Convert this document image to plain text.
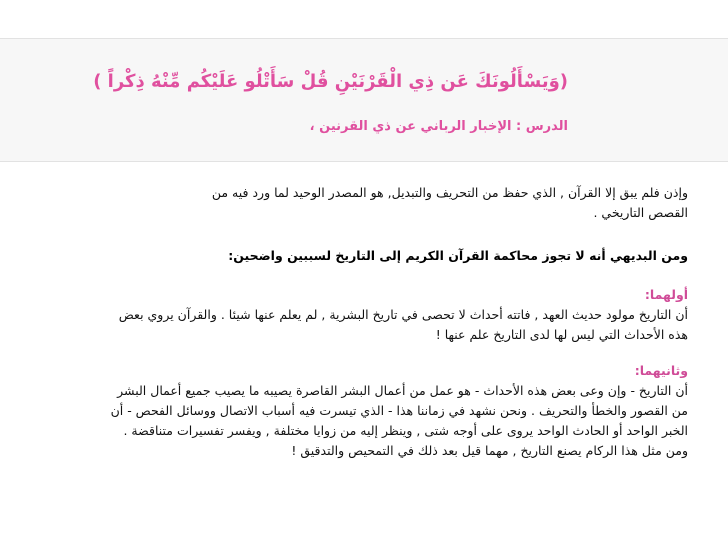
(وَيَسْأَلُونَكَ عَن ذِي الْقَرْنَيْنِ قُلْ سَأَتْلُو عَلَيْكُم مِّنْهُ ذِكْراً )
الدرس : الإخبار الرباني عن ذي القرنين ،
وإذن فلم يبق إلا القرآن , الذي حفظ من التحريف والتبديل, هو المصدر الوحيد لما ورد فيه من
القصص التاريخي .
ومن البديهي أنه لا تجوز محاكمة القرآن الكريم إلى التاريخ لسببين واضحين:
أولهما:
أن التاريخ مولود حديث العهد , فاتته أحداث لا تحصى في تاريخ البشرية , لم يعلم عنها شيئا . والقرآن يروي بعض
هذه الأحداث التي ليس لها لدى التاريخ علم عنها !
وثانيهما:
أن التاريخ - وإن وعى بعض هذه الأحداث - هو عمل من أعمال البشر القاصرة يصيبه ما يصيب جميع أعمال البشر
من القصور والخطأ والتحريف . ونحن نشهد في زماننا هذا - الذي تيسرت فيه أسباب الاتصال ووسائل الفحص - أن
الخبر الواحد أو الحادث الواحد يروى على أوجه شتى , وينظر إليه من زوايا مختلفة , ويفسر تفسيرات متناقضة .
ومن مثل هذا الركام يصنع التاريخ , مهما قيل بعد ذلك في التمحيص والتدقيق !
